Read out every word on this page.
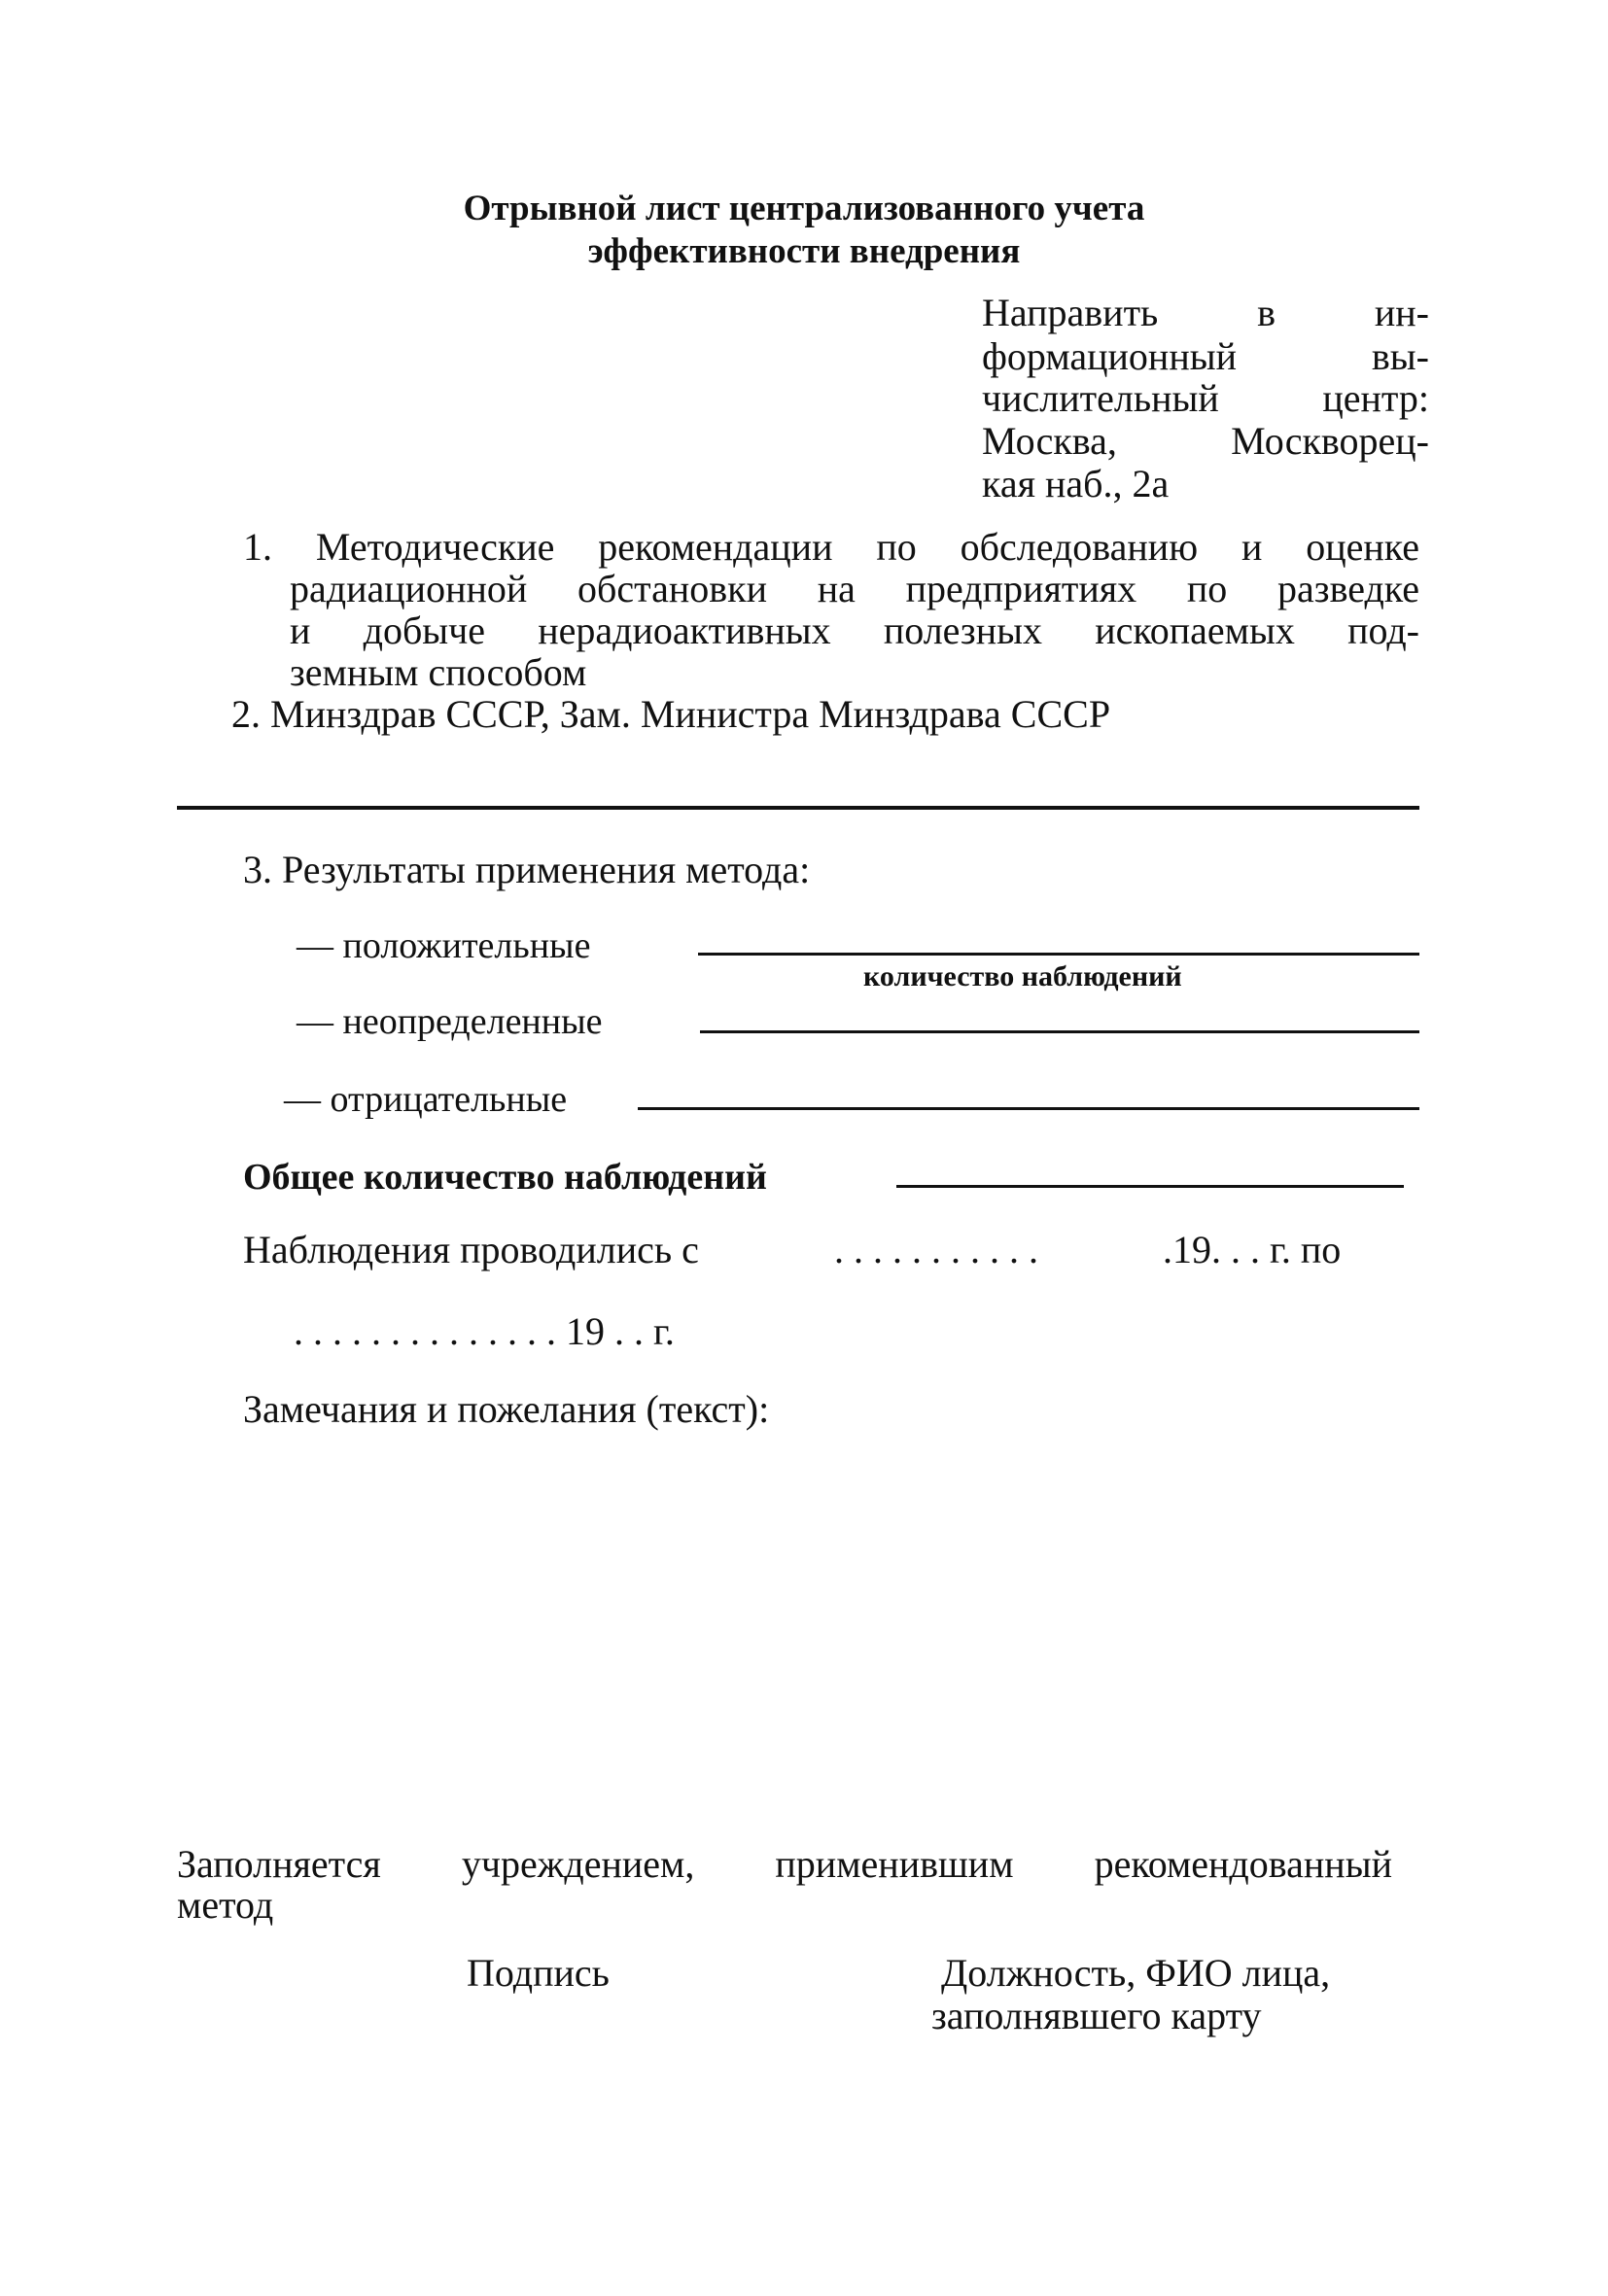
Отрывной лист централизованного учета
эффективности внедрения
Направить в ин-
формационный вы-
числительный центр:
Москва, Москворец-
кая наб., 2а
1. Методические рекомендации по обследованию и оценке
радиационной обстановки на предприятиях по разведке
и добыче нерадиоактивных полезных ископаемых под-
земным способом
2. Минздрав СССР, Зам. Министра Минздрава СССР
3. Результаты применения метода:
— положительные
количество наблюдений
— неопределенные
— отрицательные
Общее количество наблюдений
Наблюдения проводились с	. . . . . . . . . . .	.19. . . г. по
. . . . . . . . . . . . . . 19 . . г.
Замечания и пожелания (текст):
Заполняется учреждением, применившим рекомендованный
метод
Подпись	Должность, ФИО лица,
заполнявшего карту
